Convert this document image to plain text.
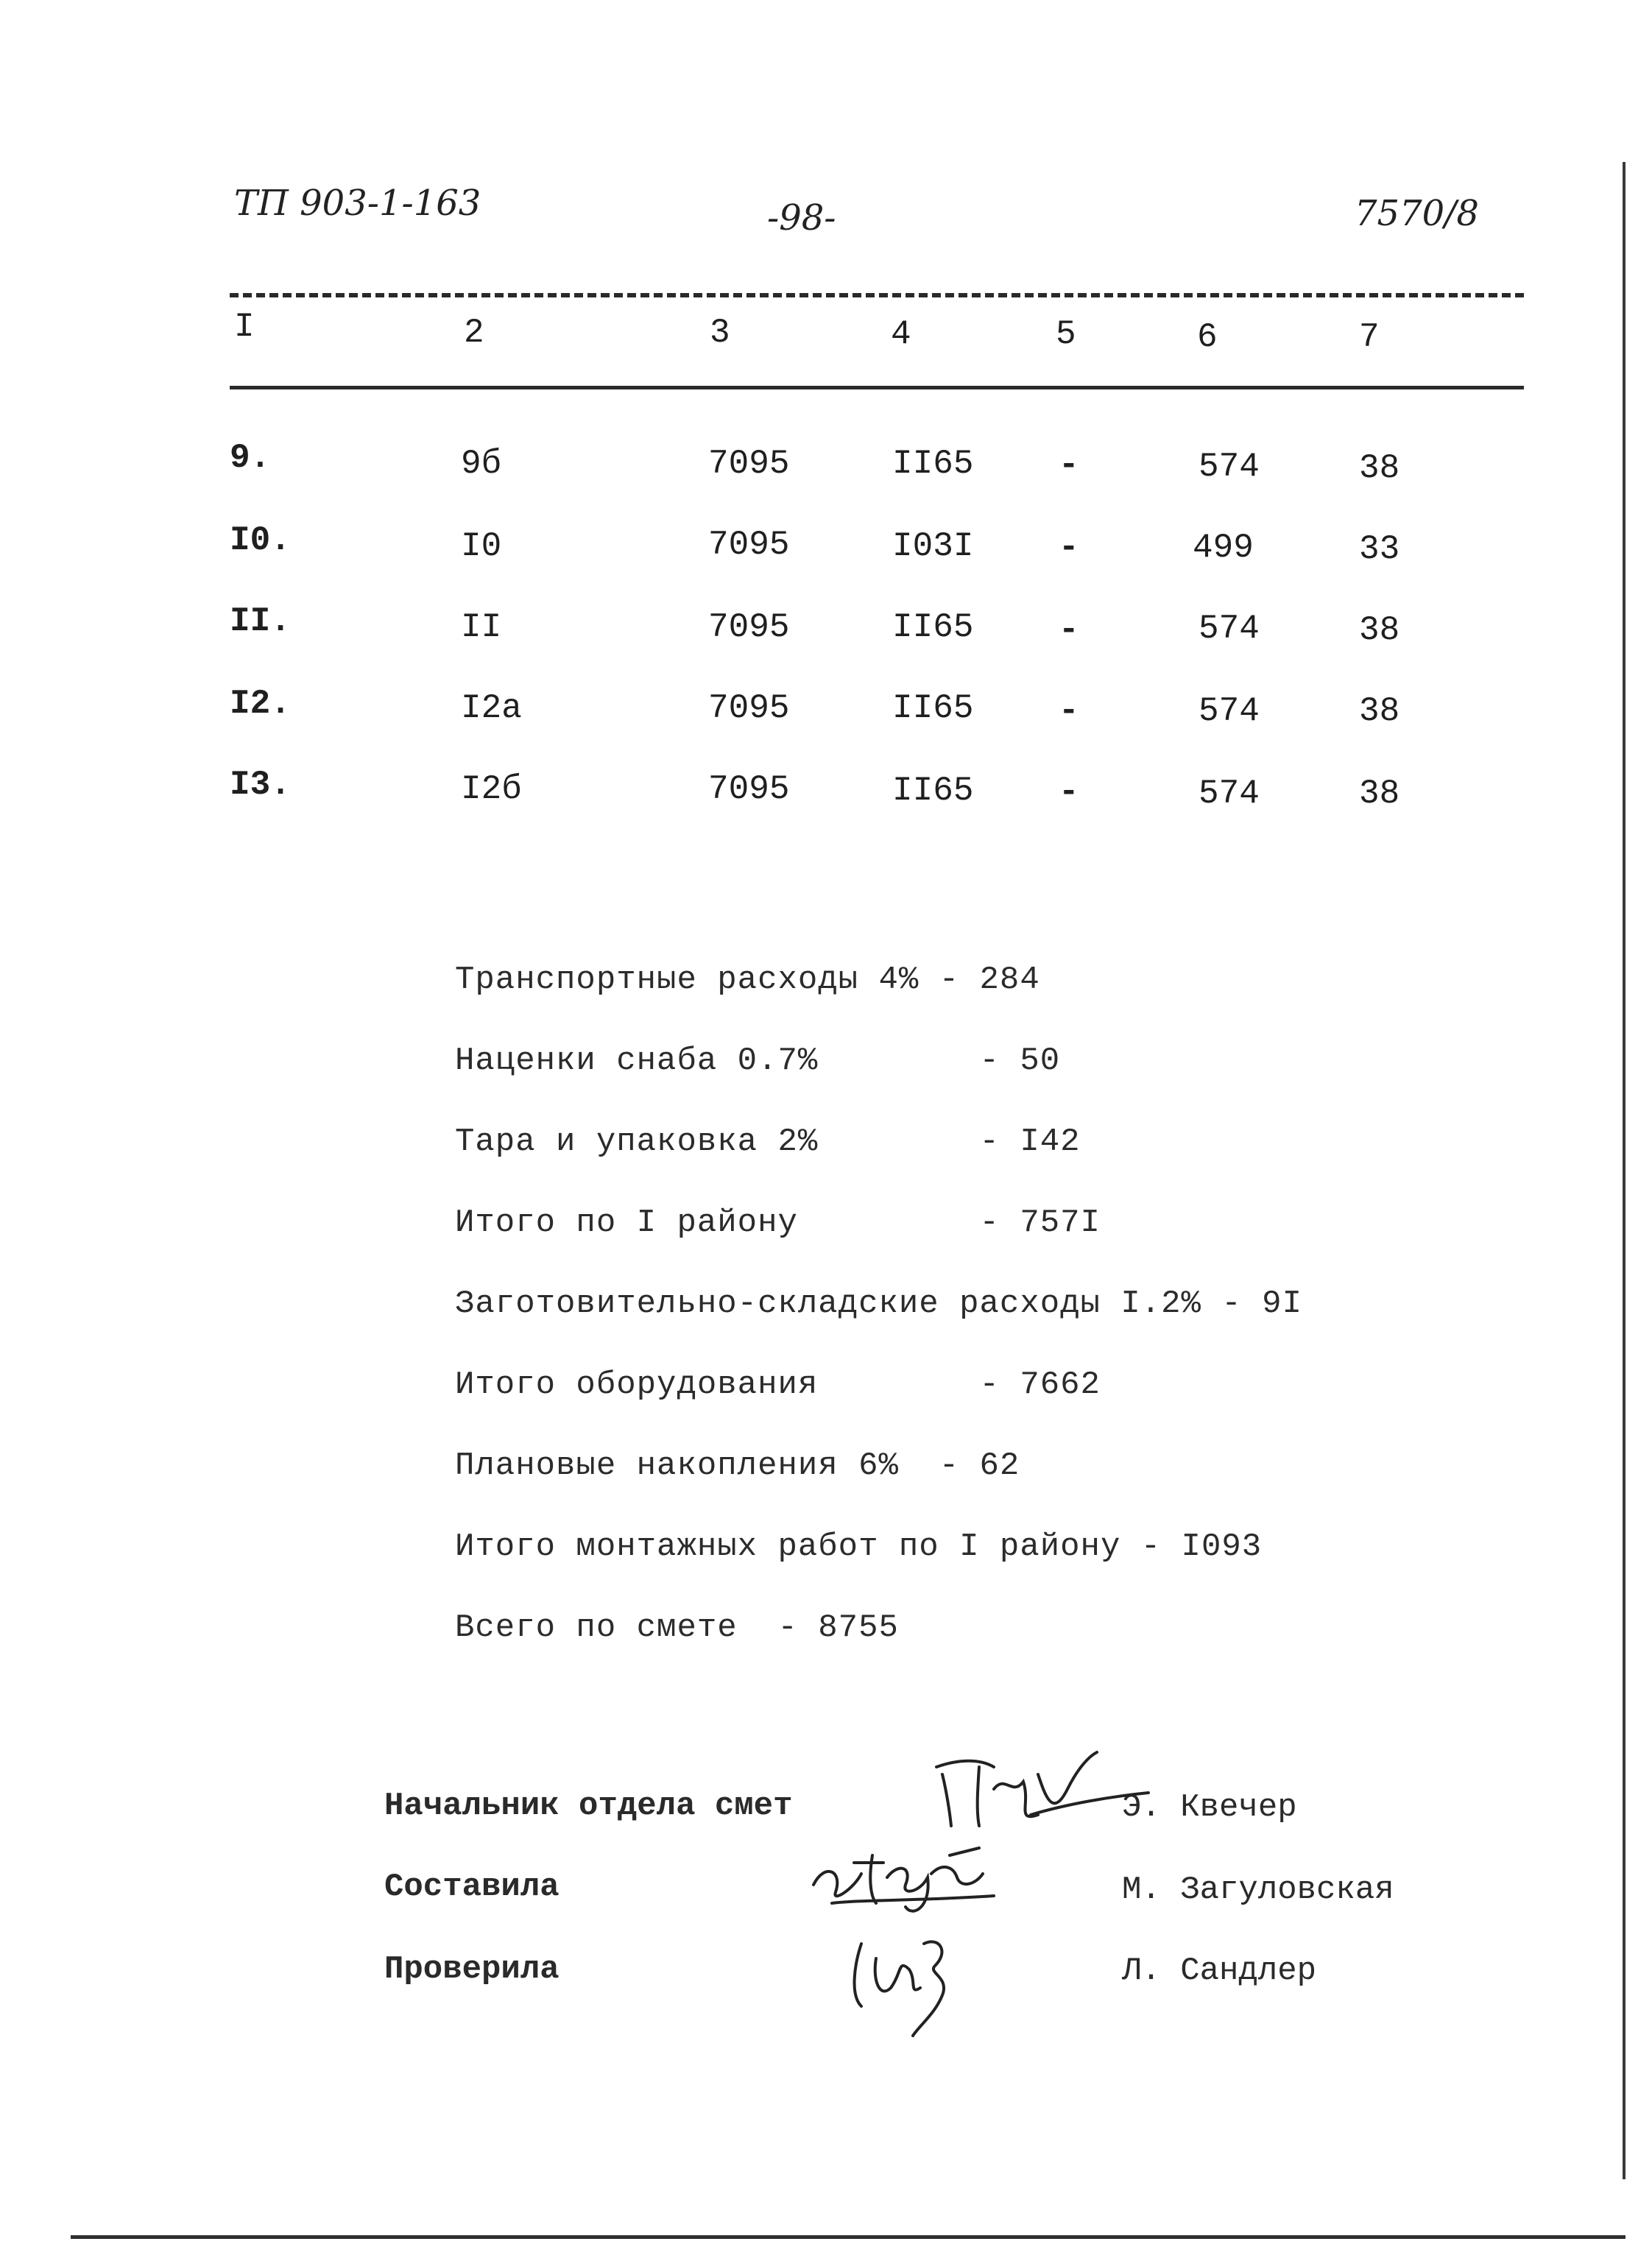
ТП 903-1-163	-98-	7570/8
I	2	3	4	5	6	7
9.	9б	7095	II65	-	574	38
I0.	I0	7095	I03I	-	499	33
II.	II	7095	II65	-	574	38
I2.	I2а	7095	II65	-	574	38
I3.	I2б	7095	II65	-	574	38
Транспортные расходы 4% - 284
Наценки снаба 0.7%        - 50
Тара и упаковка 2%        - I42
Итого по I району         - 757I
Заготовительно-складские расходы I.2% - 9I
Итого оборудования        - 7662
Плановые накопления 6%  - 62
Итого монтажных работ по I району - I093
Всего по смете  - 8755
Начальник отдела смет	Э. Квечер
Составила	М. Загуловская
Проверила	Л. Сандлер
